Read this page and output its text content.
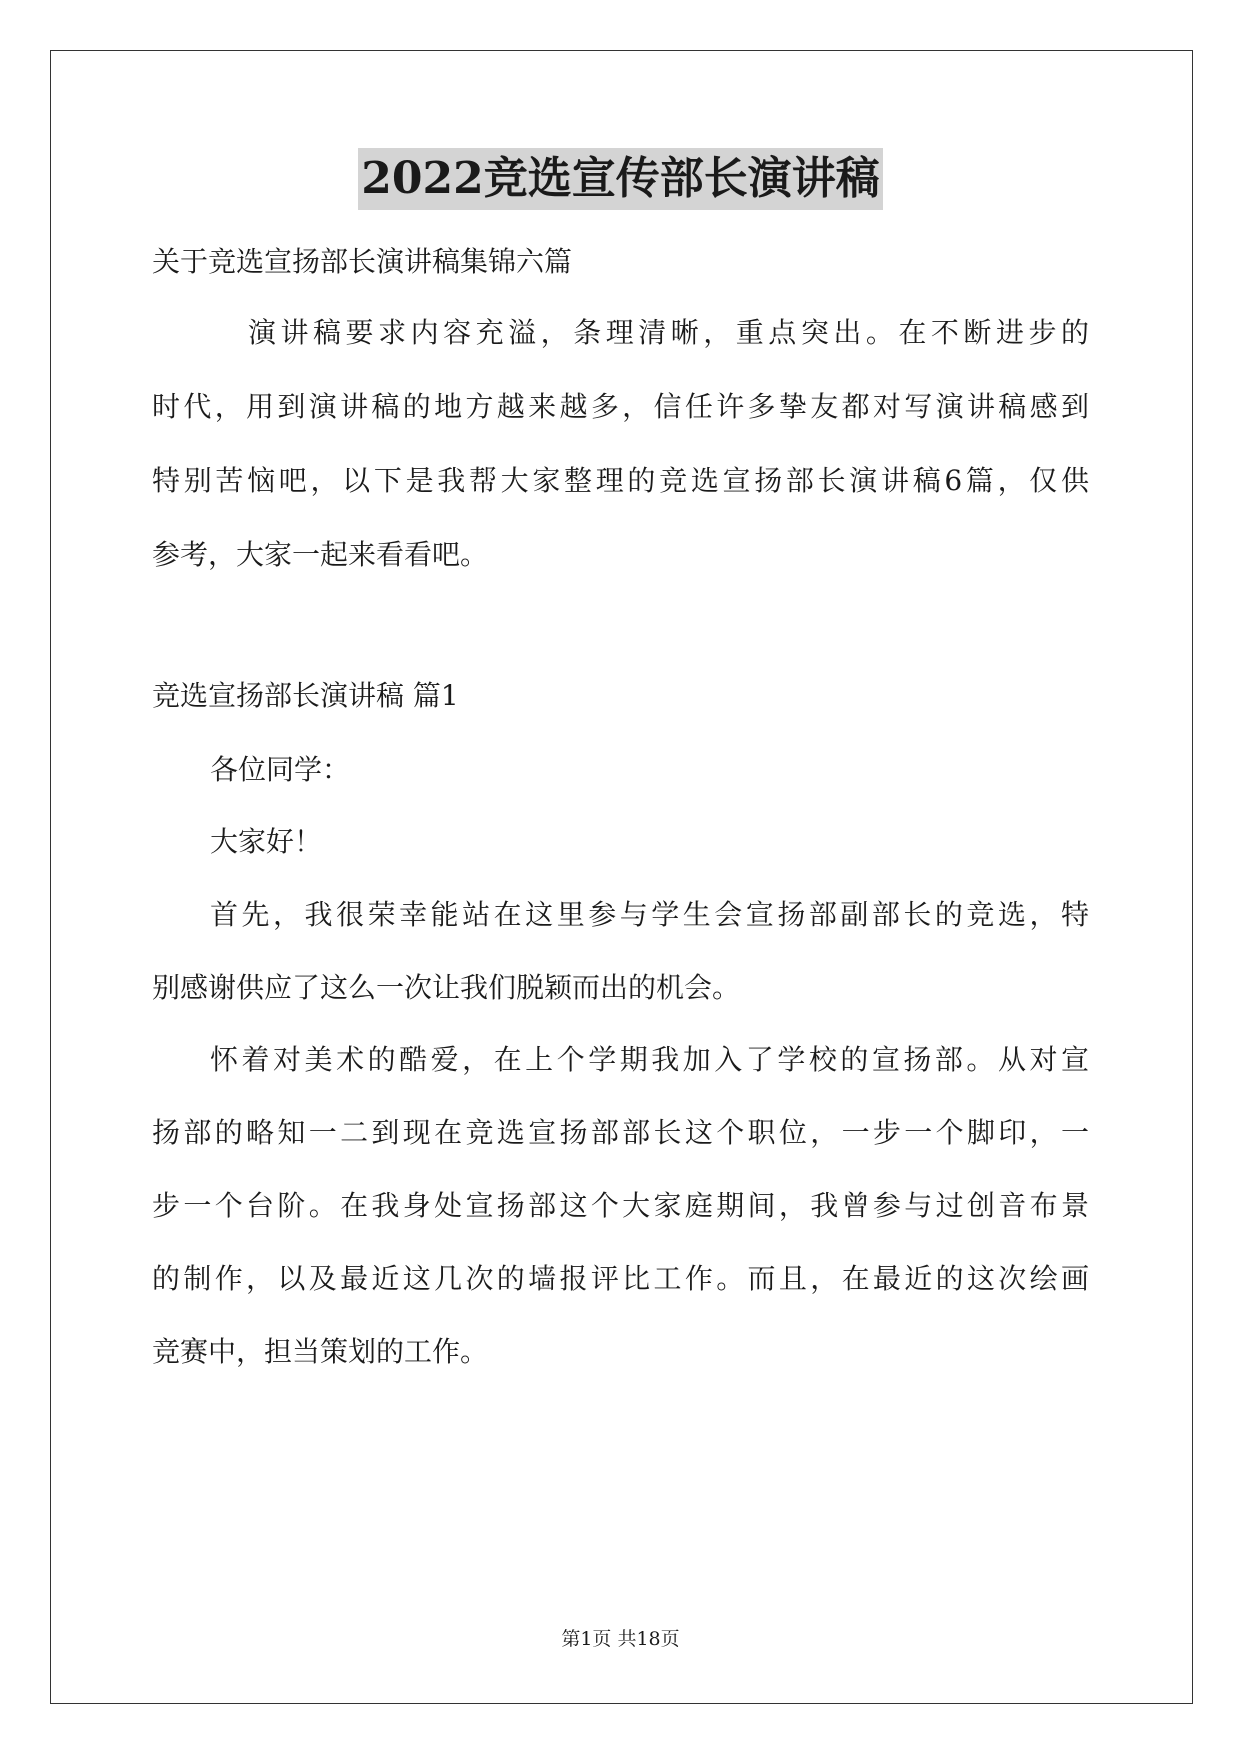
2022竞选宣传部长演讲稿
关于竞选宣扬部长演讲稿集锦六篇
演讲稿要求内容充溢，条理清晰，重点突出。在不断进步的
时代，用到演讲稿的地方越来越多，信任许多挚友都对写演讲稿感到
特别苦恼吧，以下是我帮大家整理的竞选宣扬部长演讲稿6篇，仅供
参考，大家一起来看看吧。
竞选宣扬部长演讲稿 篇1
各位同学：
大家好！
首先，我很荣幸能站在这里参与学生会宣扬部副部长的竞选，特
别感谢供应了这么一次让我们脱颖而出的机会。
怀着对美术的酷爱，在上个学期我加入了学校的宣扬部。从对宣
扬部的略知一二到现在竞选宣扬部部长这个职位，一步一个脚印，一
步一个台阶。在我身处宣扬部这个大家庭期间，我曾参与过创音布景
的制作，以及最近这几次的墙报评比工作。而且，在最近的这次绘画
竞赛中，担当策划的工作。
第1页 共18页
